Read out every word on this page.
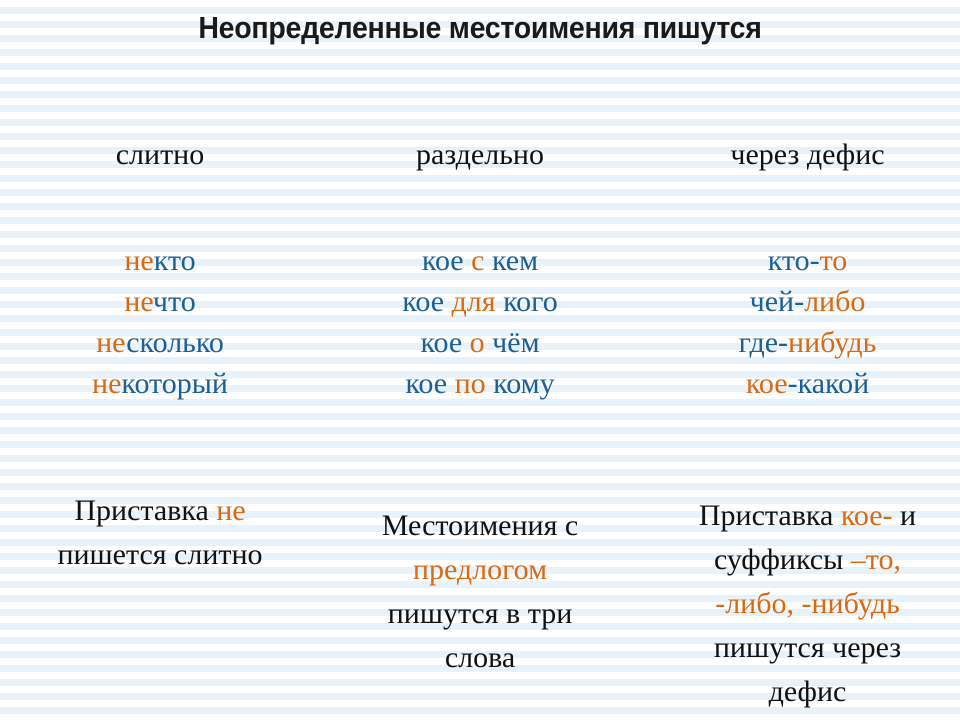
Неопределенные местоимения пишутся
слитно
некто
нечто
несколько
некоторый
Приставка не
пишется слитно
раздельно
кое с кем
кое для кого
кое о чём
кое по кому
Местоимения с
предлогом
пишутся в три
слова
через дефис
кто-то
чей-либо
где-нибудь
кое-какой
Приставка кое- и
суффиксы –то,
-либо, -нибудь
пишутся через
дефис
